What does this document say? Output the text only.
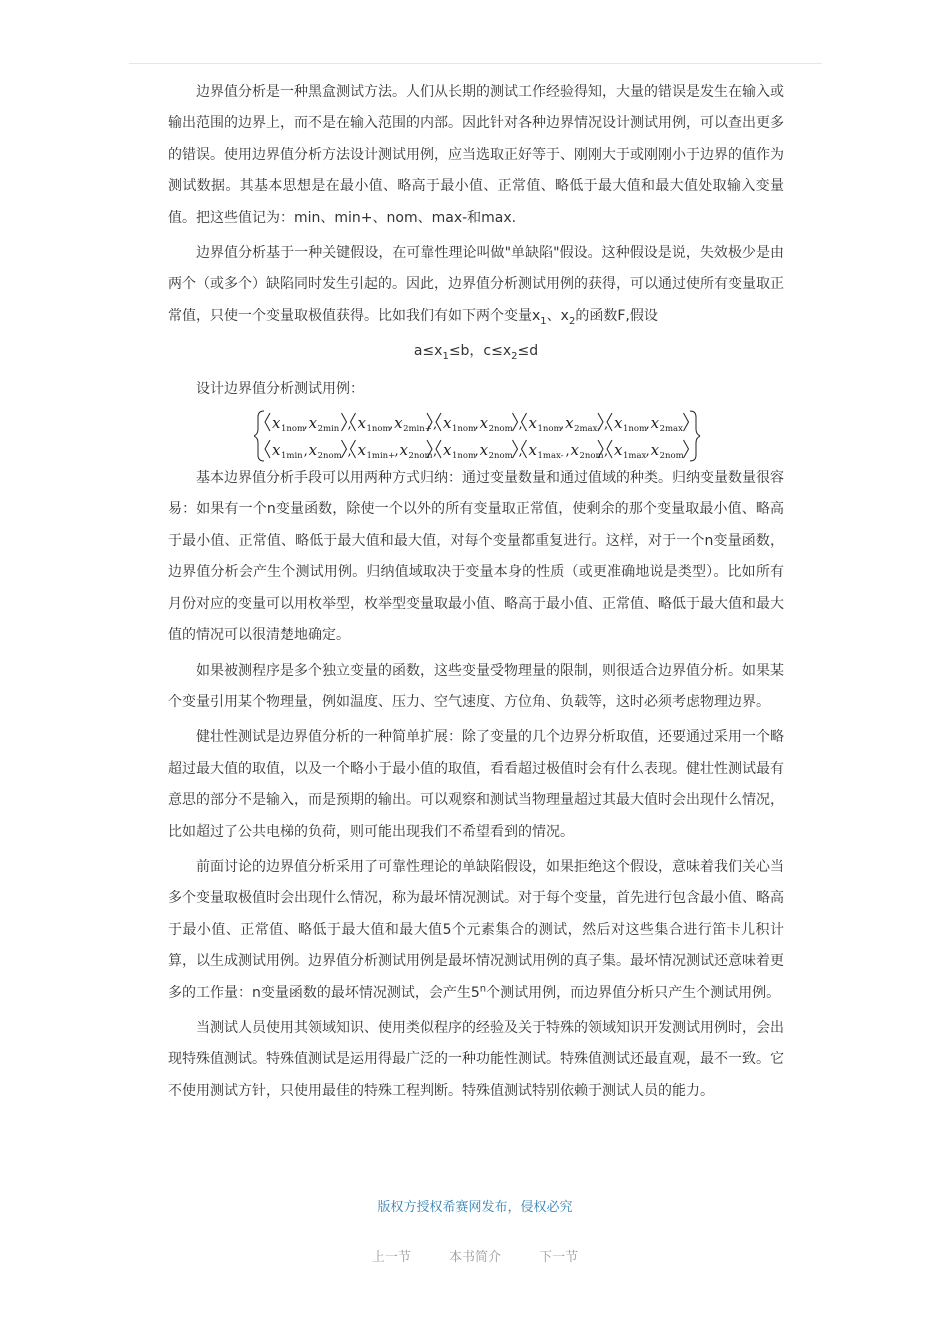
边界值分析是一种黑盒测试方法。人们从长期的测试工作经验得知，大量的错误是发生在输入或输出范围的边界上，而不是在输入范围的内部。因此针对各种边界情况设计测试用例，可以查出更多的错误。使用边界值分析方法设计测试用例，应当选取正好等于、刚刚大于或刚刚小于边界的值作为测试数据。其基本思想是在最小值、略高于最小值、正常值、略低于最大值和最大值处取输入变量值。把这些值记为：min、min+、nom、max-和max.

边界值分析基于一种关键假设，在可靠性理论叫做"单缺陷"假设。这种假设是说，失效极少是由两个（或多个）缺陷同时发生引起的。因此，边界值分析测试用例的获得，可以通过使所有变量取正常值，只使一个变量取极值获得。比如我们有如下两个变量$x_1$、$x_2$的函数F,假设

$a\le x_1\le b$，$c\le x_2\le d$

设计边界值分析测试用例：

x 1nom
, x 2min , x 1nom
, x 2min+ , x 1nom
, x 2nom , x 1nom
, x 2max- , x 1nom
, x 2max
x 1min , x 2nom , x 1min+ , x 2nom , x 1nom
, x 2nom , x 1max- , x 2nom , x 1max , x 2nom

基本边界值分析手段可以用两种方式归纳：通过变量数量和通过值域的种类。归纳变量数量很容易：如果有一个n变量函数，除使一个以外的所有变量取正常值，使剩余的那个变量取最小值、略高于最小值、正常值、略低于最大值和最大值，对每个变量都重复进行。这样，对于一个n变量函数，边界值分析会产生个测试用例。归纳值域取决于变量本身的性质（或更准确地说是类型）。比如所有月份对应的变量可以用枚举型，枚举型变量取最小值、略高于最小值、正常值、略低于最大值和最大值的情况可以很清楚地确定。

如果被测程序是多个独立变量的函数，这些变量受物理量的限制，则很适合边界值分析。如果某个变量引用某个物理量，例如温度、压力、空气速度、方位角、负载等，这时必须考虑物理边界。

健壮性测试是边界值分析的一种简单扩展：除了变量的几个边界分析取值，还要通过采用一个略超过最大值的取值，以及一个略小于最小值的取值，看看超过极值时会有什么表现。健壮性测试最有意思的部分不是输入，而是预期的输出。可以观察和测试当物理量超过其最大值时会出现什么情况，比如超过了公共电梯的负荷，则可能出现我们不希望看到的情况。

前面讨论的边界值分析采用了可靠性理论的单缺陷假设，如果拒绝这个假设，意味着我们关心当多个变量取极值时会出现什么情况，称为最坏情况测试。对于每个变量，首先进行包含最小值、略高于最小值、正常值、略低于最大值和最大值5个元素集合的测试，然后对这些集合进行笛卡儿积计算，以生成测试用例。边界值分析测试用例是最坏情况测试用例的真子集。最坏情况测试还意味着更多的工作量：n变量函数的最坏情况测试，会产生5$^n$个测试用例，而边界值分析只产生个测试用例。

当测试人员使用其领域知识、使用类似程序的经验及关于特殊的领域知识开发测试用例时，会出现特殊值测试。特殊值测试是运用得最广泛的一种功能性测试。特殊值测试还最直观，最不一致。它不使用测试方针，只使用最佳的特殊工程判断。特殊值测试特别依赖于测试人员的能力。

版权方授权希赛网发布，侵权必究
上一节	本书简介	下一节
